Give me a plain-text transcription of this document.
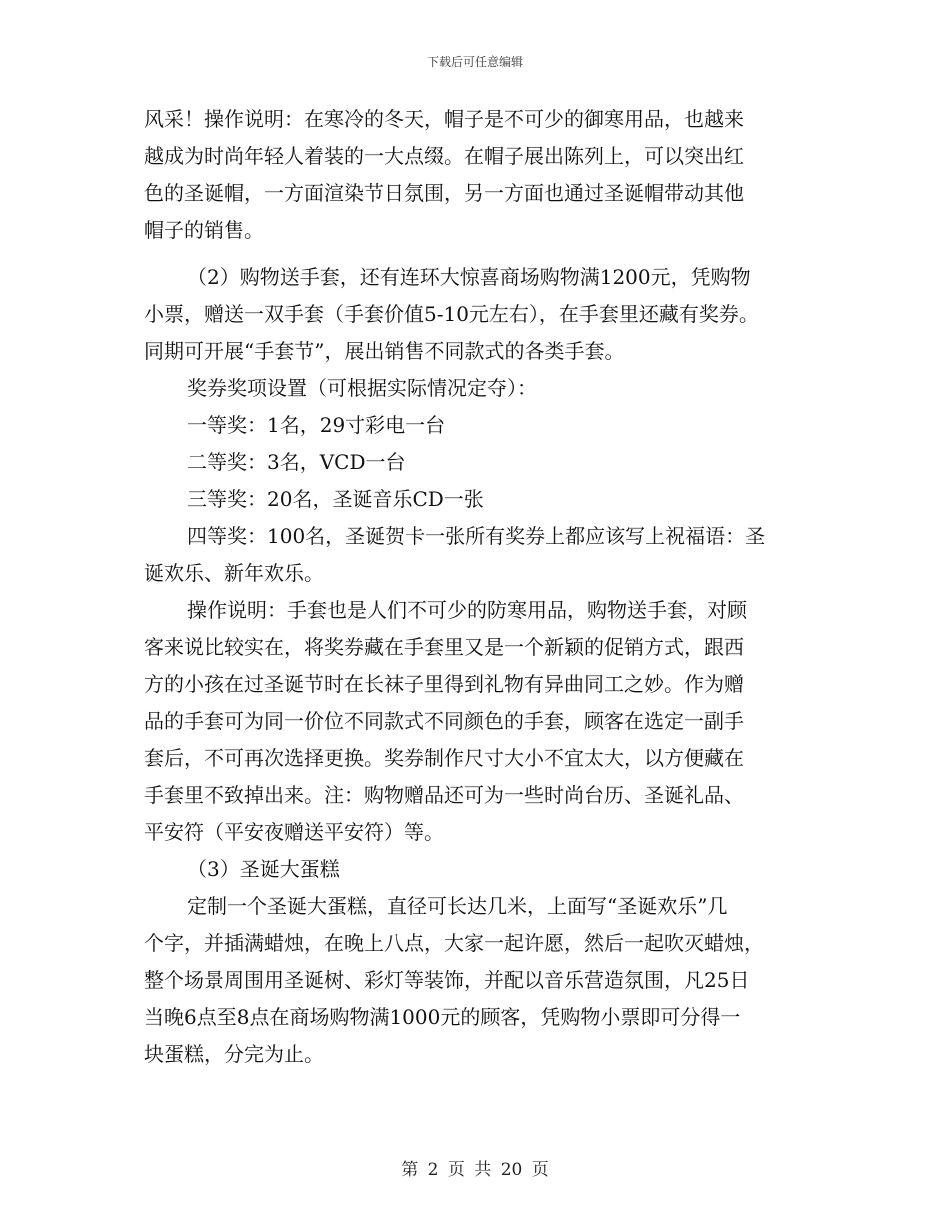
下载后可任意编辑
风采！操作说明：在寒冷的冬天，帽子是不可少的御寒用品，也越来
越成为时尚年轻人着装的一大点缀。在帽子展出陈列上，可以突出红
色的圣诞帽，一方面渲染节日氛围，另一方面也通过圣诞帽带动其他
帽子的销售。
（2）购物送手套，还有连环大惊喜商场购物满1200元，凭购物
小票，赠送一双手套（手套价值5-10元左右），在手套里还藏有奖券。
同期可开展“手套节”，展出销售不同款式的各类手套。
奖券奖项设置（可根据实际情况定夺）：
一等奖：1名，29寸彩电一台
二等奖：3名，VCD一台
三等奖：20名，圣诞音乐CD一张
四等奖：100名，圣诞贺卡一张所有奖券上都应该写上祝福语：圣
诞欢乐、新年欢乐。
操作说明：手套也是人们不可少的防寒用品，购物送手套，对顾
客来说比较实在，将奖券藏在手套里又是一个新颖的促销方式，跟西
方的小孩在过圣诞节时在长袜子里得到礼物有异曲同工之妙。作为赠
品的手套可为同一价位不同款式不同颜色的手套，顾客在选定一副手
套后，不可再次选择更换。奖券制作尺寸大小不宜太大，以方便藏在
手套里不致掉出来。注：购物赠品还可为一些时尚台历、圣诞礼品、
平安符（平安夜赠送平安符）等。
（3）圣诞大蛋糕
定制一个圣诞大蛋糕，直径可长达几米，上面写“圣诞欢乐”几
个字，并插满蜡烛，在晚上八点，大家一起许愿，然后一起吹灭蜡烛，
整个场景周围用圣诞树、彩灯等装饰，并配以音乐营造氛围，凡25日
当晚6点至8点在商场购物满1000元的顾客，凭购物小票即可分得一
块蛋糕，分完为止。
第 2 页 共 20 页
